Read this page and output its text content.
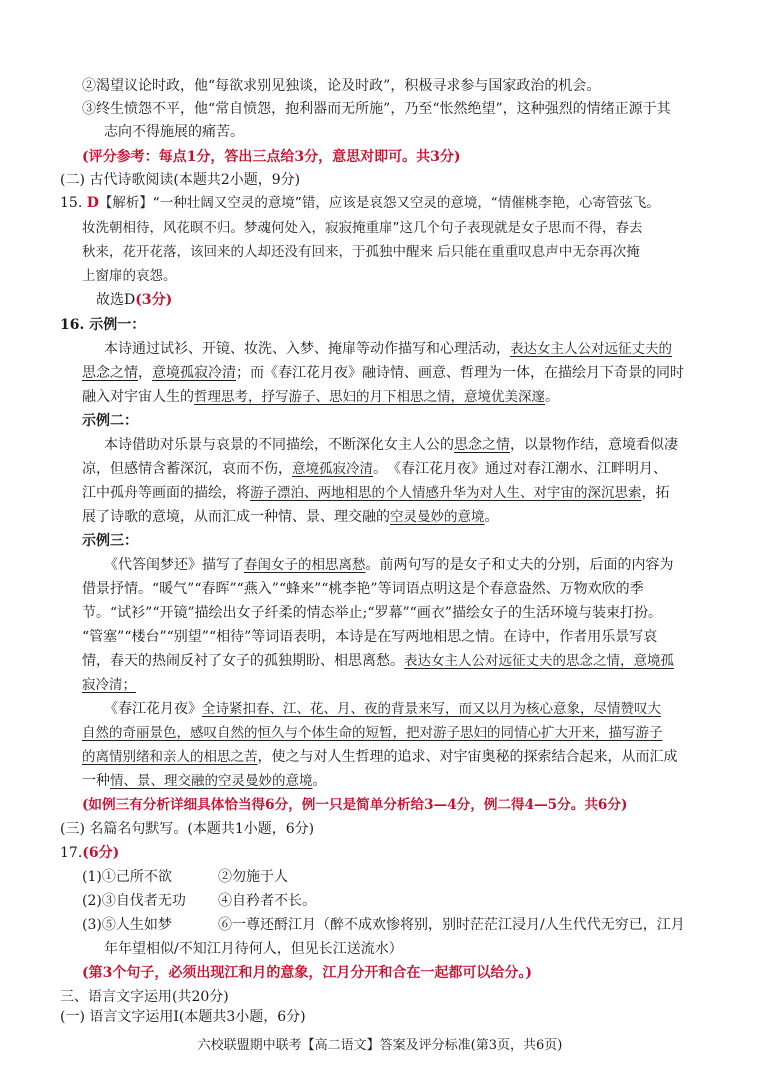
②渴望议论时政，他“每欲求别见独谈，论及时政”，积极寻求参与国家政治的机会。
③终生愤怨不平，他“常自愤怨，抱利器而无所施”，乃至“怅然绝望”，这种强烈的情绪正源于其
志向不得施展的痛苦。
(评分参考：每点1分，答出三点给3分，意思对即可。共3分)
(二) 古代诗歌阅读(本题共2小题，9分)
15. D【解析】“一种壮阔又空灵的意境”错，应该是哀怨又空灵的意境，“情催桃李艳，心寄管弦飞。
妆洗朝相待，风花暝不归。梦魂何处入，寂寂掩重扉”这几个句子表现就是女子思而不得，春去
秋来，花开花落，该回来的人却还没有回来，于孤独中醒来 后只能在重重叹息声中无奈再次掩
上窗扉的哀怨。
故选D(3分)
16. 示例一：
本诗通过试衫、开镜、妆洗、入梦、掩扉等动作描写和心理活动，表达女主人公对远征丈夫的
思念之情，意境孤寂冷清；而《春江花月夜》融诗情、画意、哲理为一体，在描绘月下奇景的同时
融入对宇宙人生的哲理思考，抒写游子、思妇的月下相思之情，意境优美深邃。
示例二：
本诗借助对乐景与哀景的不同描绘，不断深化女主人公的思念之情，以景物作结，意境看似凄
凉，但感情含蓄深沉，哀而不伤，意境孤寂冷清。　《春江花月夜》通过对春江潮水、江畔明月、
江中孤舟等画面的描绘，将游子漂泊、两地相思的个人情感升华为对人生、对宇宙的深沉思索，拓
展了诗歌的意境，从而汇成一种情、景、理交融的空灵曼妙的意境。
示例三：
《代答闺梦还》描写了春闺女子的相思离愁。前两句写的是女子和丈夫的分别，后面的内容为
借景抒情。“暖气”“春晖”“燕入”“蜂来”“桃李艳”等词语点明这是个春意盎然、万物欢欣的季
节。“试衫”“开镜”描绘出女子纤柔的情态举止;“罗幕”“画衣”描绘女子的生活环境与装束打扮。
“管塞”“楼台”“别望”“相待”等词语表明，本诗是在写两地相思之情。在诗中，作者用乐景写哀
情，春天的热闹反衬了女子的孤独期盼、相思离愁。表达女主人公对远征丈夫的思念之情，意境孤
寂冷清；
《春江花月夜》全诗紧扣春、江、花、月、夜的背景来写，而又以月为核心意象，尽情赞叹大
自然的奇丽景色，感叹自然的恒久与个体生命的短暂，把对游子思妇的同情心扩大开来，描写游子
的离情别绪和亲人的相思之苦，使之与对人生哲理的追求、对宇宙奥秘的探索结合起来，从而汇成
一种情、景、理交融的空灵曼妙的意境。
(如例三有分析详细具体恰当得6分，例一只是简单分析给3—4分，例二得4—5分。共6分)
(三) 名篇名句默写。(本题共1小题，6分)
17.(6分)
(1)①己所不欲	②勿施于人
(2)③自伐者无功 ④自矜者不长。
(3)⑤人生如梦	⑥一尊还酹江月（醉不成欢惨将别，别时茫茫江浸月/人生代代无穷已，江月
年年望相似/不知江月待何人，但见长江送流水）
(第3个句子，必须出现江和月的意象，江月分开和合在一起都可以给分。)
三、语言文字运用(共20分)
(一) 语言文字运用Ⅰ(本题共3小题，6分)
六校联盟期中联考【高二语文】答案及评分标准(第3页，共6页)
